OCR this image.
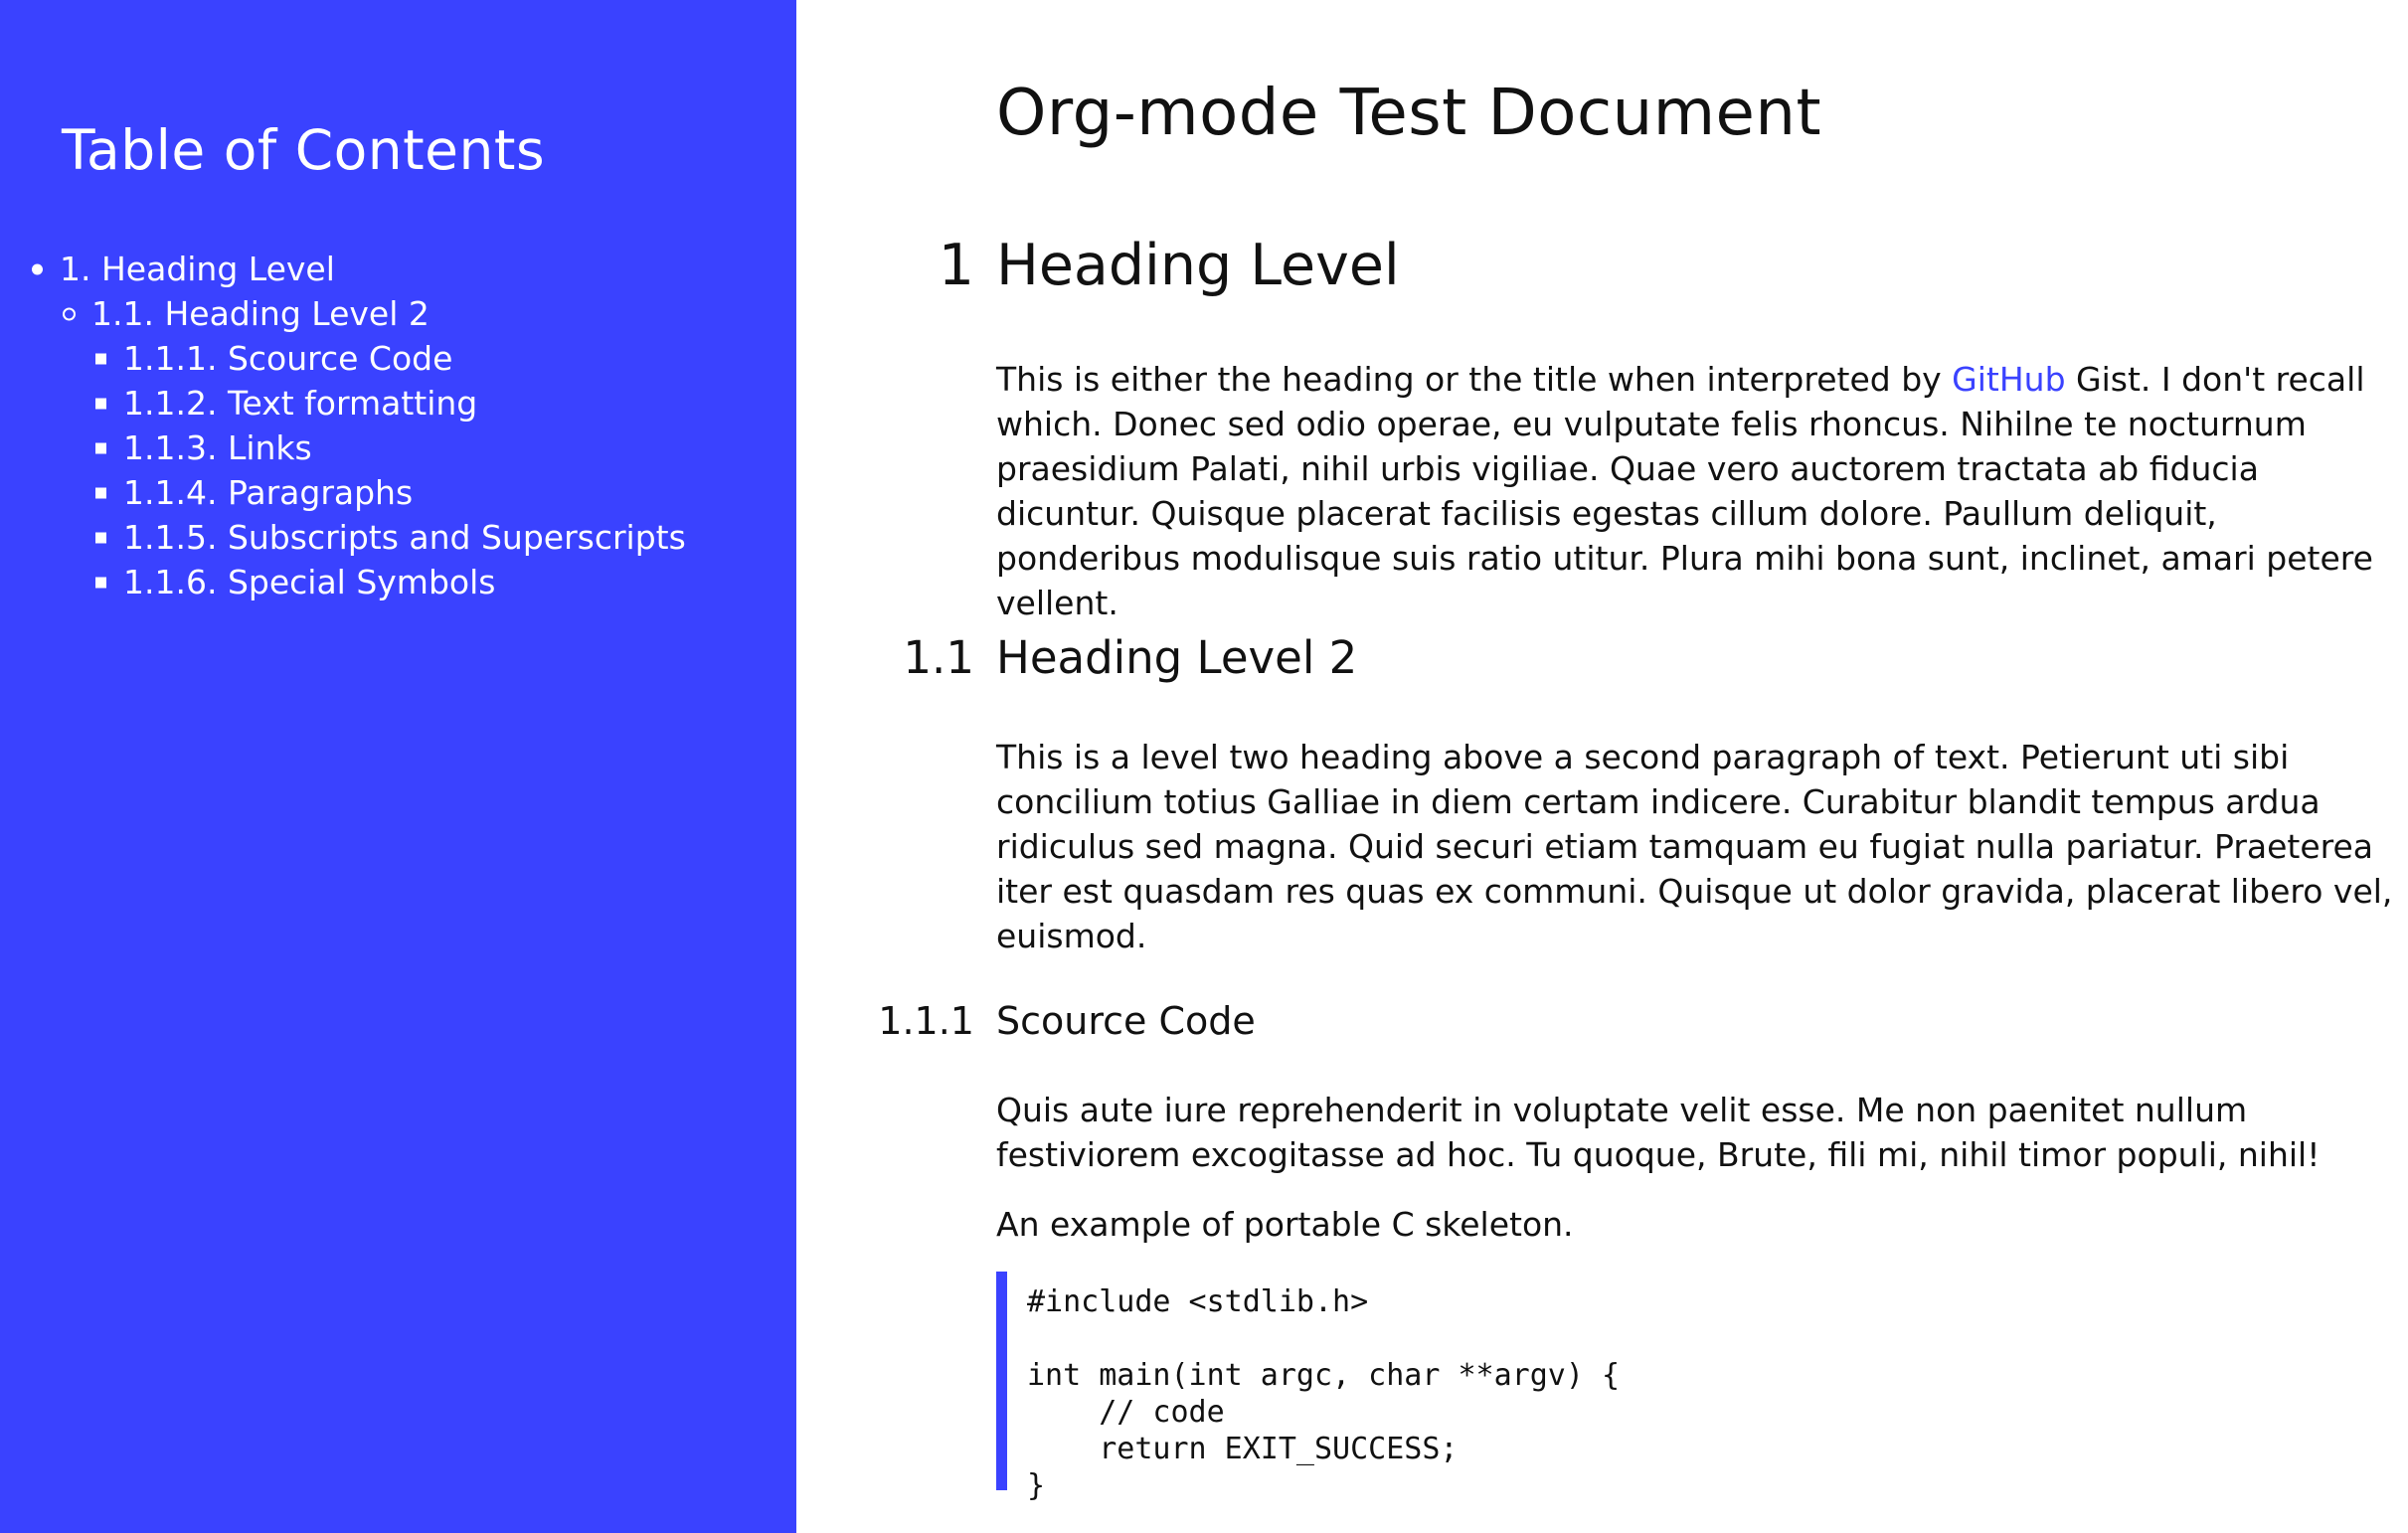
Table of Contents
1. Heading Level
1.1. Heading Level 2
1.1.1. Scource Code
1.1.2. Text formatting
1.1.3. Links
1.1.4. Paragraphs
1.1.5. Subscripts and Superscripts
1.1.6. Special Symbols
Org-mode Test Document
1 Heading Level

This is either the heading or the title when interpreted by GitHub Gist. I don't recall which. Donec sed odio operae, eu vulputate felis rhoncus. Nihilne te nocturnum praesidium Palati, nihil urbis vigiliae. Quae vero auctorem tractata ab fiducia dicuntur. Quisque placerat facilisis egestas cillum dolore. Paullum deliquit, ponderibus modulisque suis ratio utitur. Plura mihi bona sunt, inclinet, amari petere vellent.

1.1 Heading Level 2

This is a level two heading above a second paragraph of text. Petierunt uti sibi concilium totius Galliae in diem certam indicere. Curabitur blandit tempus ardua ridiculus sed magna. Quid securi etiam tamquam eu fugiat nulla pariatur. Praeterea iter est quasdam res quas ex communi. Quisque ut dolor gravida, placerat libero vel, euismod.

1.1.1 Scource Code

Quis aute iure reprehenderit in voluptate velit esse. Me non paenitet nullum festiviorem excogitasse ad hoc. Tu quoque, Brute, fili mi, nihil timor populi, nihil!

An example of portable C skeleton.

#include <stdlib.h>
int main(int argc, char **argv) {
// code
return EXIT_SUCCESS;
}
